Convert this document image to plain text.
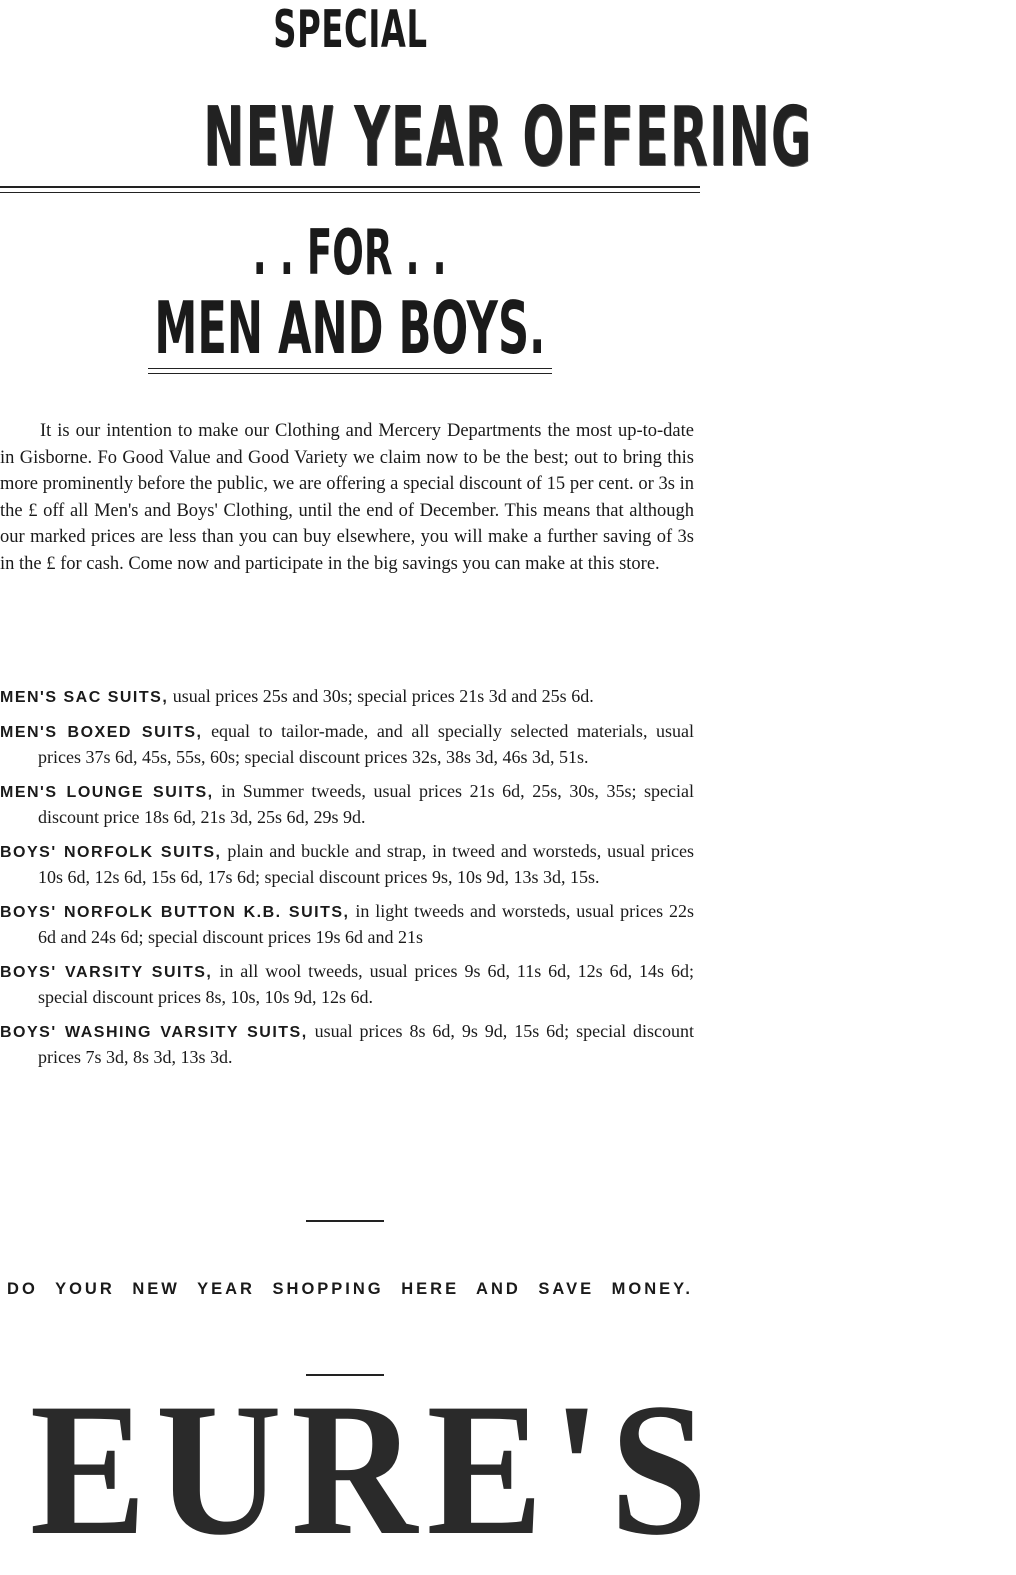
SPECIAL
NEW YEAR OFFERING
. . FOR . .
MEN AND BOYS.

It is our intention to make our Clothing and Mercery Departments the most up-to-date in Gisborne. Fo Good Value and Good Variety we claim now to be the best; out to bring this more prominently before the public, we are offering a special discount of 15 per cent. or 3s in the £ off all Men's and Boys' Clothing, until the end of December. This means that although our marked prices are less than you can buy elsewhere, you will make a further saving of 3s in the £ for cash. Come now and participate in the big savings you can make at this store.

MEN'S SAC SUITS, usual prices 25s and 30s; special prices 21s 3d and 25s 6d.
MEN'S BOXED SUITS, equal to tailor-made, and all specially selected materials, usual prices 37s 6d, 45s, 55s, 60s; special discount prices 32s, 38s 3d, 46s 3d, 51s.
MEN'S LOUNGE SUITS, in Summer tweeds, usual prices 21s 6d, 25s, 30s, 35s; special discount price 18s 6d, 21s 3d, 25s 6d, 29s 9d.
BOYS' NORFOLK SUITS, plain and buckle and strap, in tweed and worsteds, usual prices 10s 6d, 12s 6d, 15s 6d, 17s 6d; special discount prices 9s, 10s 9d, 13s 3d, 15s.
BOYS' NORFOLK BUTTON K.B. SUITS, in light tweeds and worsteds, usual prices 22s 6d and 24s 6d; special discount prices 19s 6d and 21s
BOYS' VARSITY SUITS, in all wool tweeds, usual prices 9s 6d, 11s 6d, 12s 6d, 14s 6d; special discount prices 8s, 10s, 10s 9d, 12s 6d.
BOYS' WASHING VARSITY SUITS, usual prices 8s 6d, 9s 9d, 15s 6d; special discount prices 7s 3d, 8s 3d, 13s 3d.
DO YOUR NEW YEAR SHOPPING HERE AND SAVE MONEY.
EURE'S
